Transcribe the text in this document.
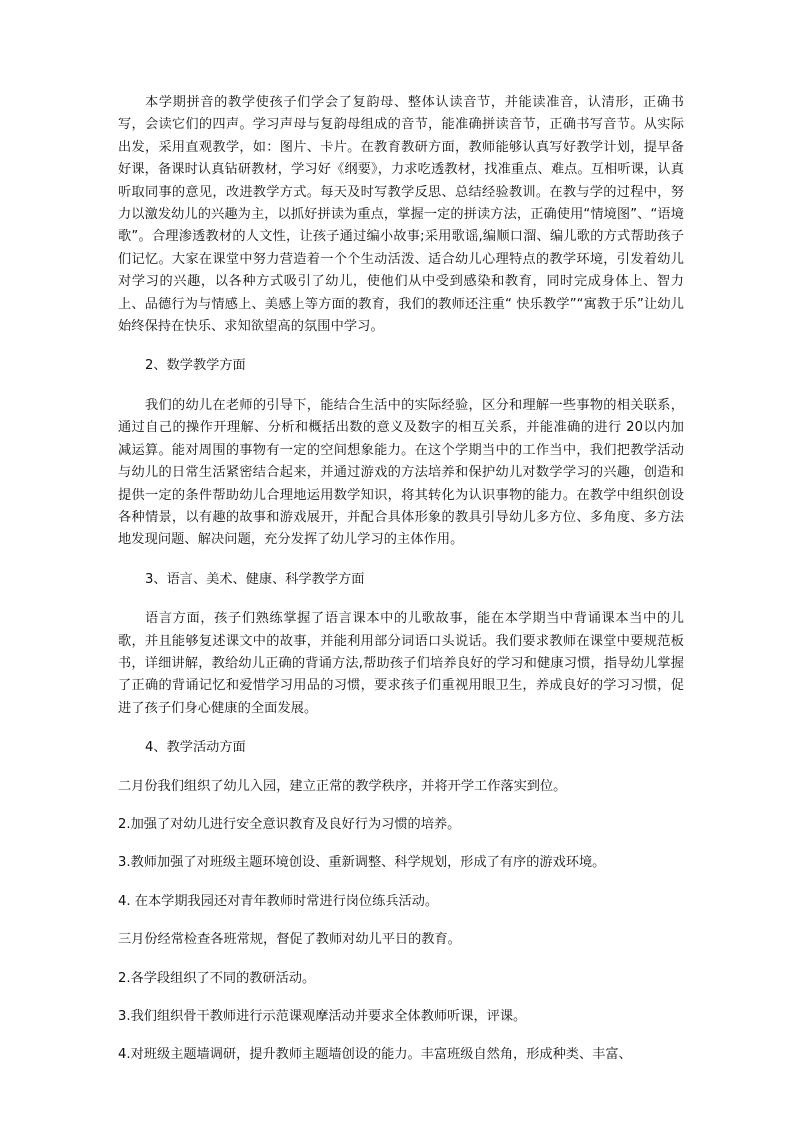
本学期拼音的教学使孩子们学会了复韵母、整体认读音节，并能读准音，认清形，正确书写，会读它们的四声。学习声母与复韵母组成的音节，能准确拼读音节，正确书写音节。从实际出发，采用直观教学，如：图片、卡片。在教育教研方面，教师能够认真写好教学计划，提早备好课，备课时认真钻研教材，学习好《纲要》，力求吃透教材，找准重点、难点。互相听课，认真听取同事的意见，改进教学方式。每天及时写教学反思、总结经验教训。在教与学的过程中，努力以激发幼儿的兴趣为主，以抓好拼读为重点，掌握一定的拼读方法，正确使用“情境图”、“语境歌”。合理渗透教材的人文性，让孩子通过编小故事;采用歌谣,编顺口溜、编儿歌的方式帮助孩子们记忆。大家在课堂中努力营造着一个个生动活泼、适合幼儿心理特点的教学环境，引发着幼儿对学习的兴趣，以各种方式吸引了幼儿，使他们从中受到感染和教育，同时完成身体上、智力上、品德行为与情感上、美感上等方面的教育，我们的教师还注重“ 快乐教学”“寓教于乐”让幼儿始终保持在快乐、求知欲望高的氛围中学习。

2、数学教学方面

我们的幼儿在老师的引导下，能结合生活中的实际经验，区分和理解一些事物的相关联系，通过自己的操作开理解、分析和概括出数的意义及数字的相互关系，并能准确的进行 20以内加减运算。能对周围的事物有一定的空间想象能力。在这个学期当中的工作当中，我们把教学活动与幼儿的日常生活紧密结合起来，并通过游戏的方法培养和保护幼儿对数学学习的兴趣，创造和提供一定的条件帮助幼儿合理地运用数学知识，将其转化为认识事物的能力。在教学中组织创设各种情景，以有趣的故事和游戏展开，并配合具体形象的教具引导幼儿多方位、多角度、多方法地发现问题、解决问题，充分发挥了幼儿学习的主体作用。

3、语言、美术、健康、科学教学方面

语言方面，孩子们熟练掌握了语言课本中的儿歌故事，能在本学期当中背诵课本当中的儿歌，并且能够复述课文中的故事，并能利用部分词语口头说话。我们要求教师在课堂中要规范板书，详细讲解，教给幼儿正确的背诵方法,帮助孩子们培养良好的学习和健康习惯，指导幼儿掌握了正确的背诵记忆和爱惜学习用品的习惯，要求孩子们重视用眼卫生，养成良好的学习习惯，促进了孩子们身心健康的全面发展。

4、教学活动方面

二月份我们组织了幼儿入园，建立正常的教学秩序，并将开学工作落实到位。

2.加强了对幼儿进行安全意识教育及良好行为习惯的培养。

3.教师加强了对班级主题环境创设、重新调整、科学规划，形成了有序的游戏环境。

4. 在本学期我园还对青年教师时常进行岗位练兵活动。

三月份经常检查各班常规，督促了教师对幼儿平日的教育。

2.各学段组织了不同的教研活动。

3.我们组织骨干教师进行示范课观摩活动并要求全体教师听课，评课。

4.对班级主题墙调研，提升教师主题墙创设的能力。丰富班级自然角，形成种类、丰富、
